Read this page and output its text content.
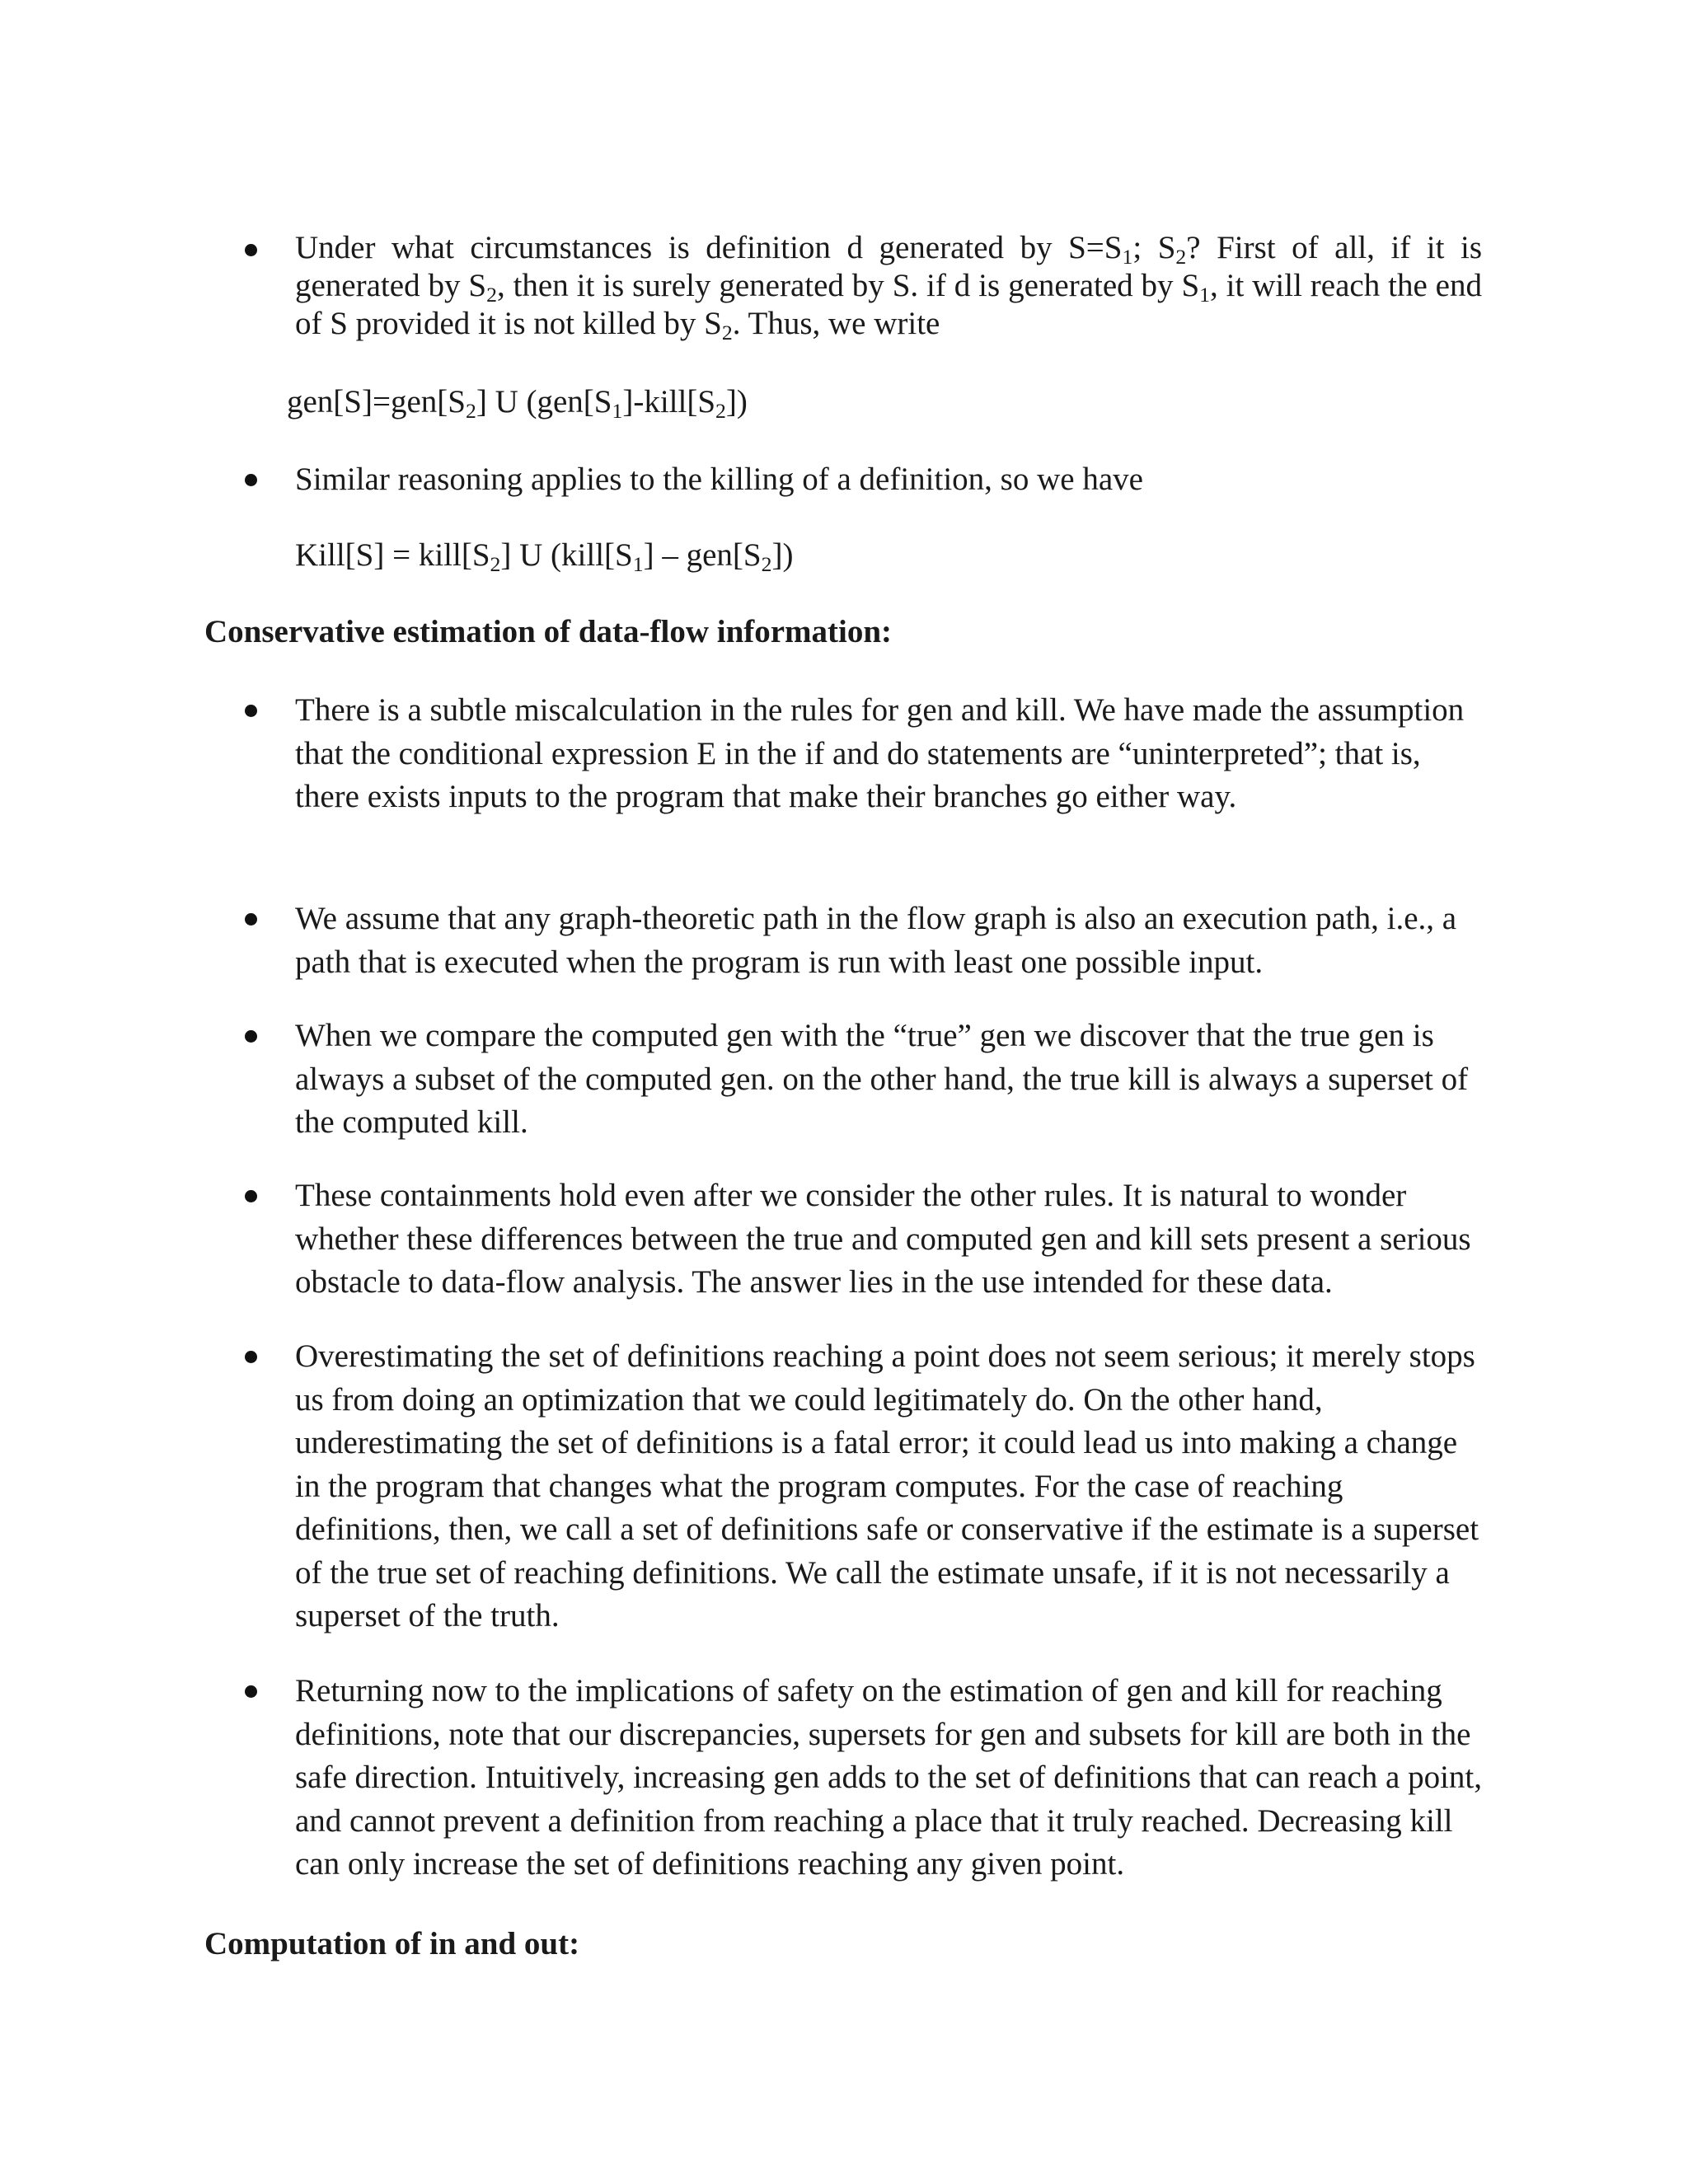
Under what circumstances is definition d generated by $S=S_1$; $S_2$? First of all, if it is generated by $S_2$, then it is surely generated by S. if d is generated by $S_1$, it will reach the end of S provided it is not killed by $S_2$. Thus, we write
$gen[S]=gen[S_2]$ U $(gen[S_1]-kill[S_2])$
Similar reasoning applies to the killing of a definition, so we have
Kill[S] = $kill[S_2]$ U $(kill[S_1] - gen[S_2])$
Conservative estimation of data-flow information:
There is a subtle miscalculation in the rules for gen and kill. We have made the assumption that the conditional expression E in the if and do statements are “uninterpreted”; that is, there exists inputs to the program that make their branches go either way.
We assume that any graph-theoretic path in the flow graph is also an execution path, i.e., a path that is executed when the program is run with least one possible input.
When we compare the computed gen with the “true” gen we discover that the true gen is always a subset of the computed gen. on the other hand, the true kill is always a superset of the computed kill.
These containments hold even after we consider the other rules. It is natural to wonder whether these differences between the true and computed gen and kill sets present a serious obstacle to data-flow analysis. The answer lies in the use intended for these data.
Overestimating the set of definitions reaching a point does not seem serious; it merely stops us from doing an optimization that we could legitimately do. On the other hand, underestimating the set of definitions is a fatal error; it could lead us into making a change in the program that changes what the program computes. For the case of reaching definitions, then, we call a set of definitions safe or conservative if the estimate is a superset of the true set of reaching definitions. We call the estimate unsafe, if it is not necessarily a superset of the truth.
Returning now to the implications of safety on the estimation of gen and kill for reaching definitions, note that our discrepancies, supersets for gen and subsets for kill are both in the safe direction. Intuitively, increasing gen adds to the set of definitions that can reach a point, and cannot prevent a definition from reaching a place that it truly reached. Decreasing kill can only increase the set of definitions reaching any given point.
Computation of in and out:
